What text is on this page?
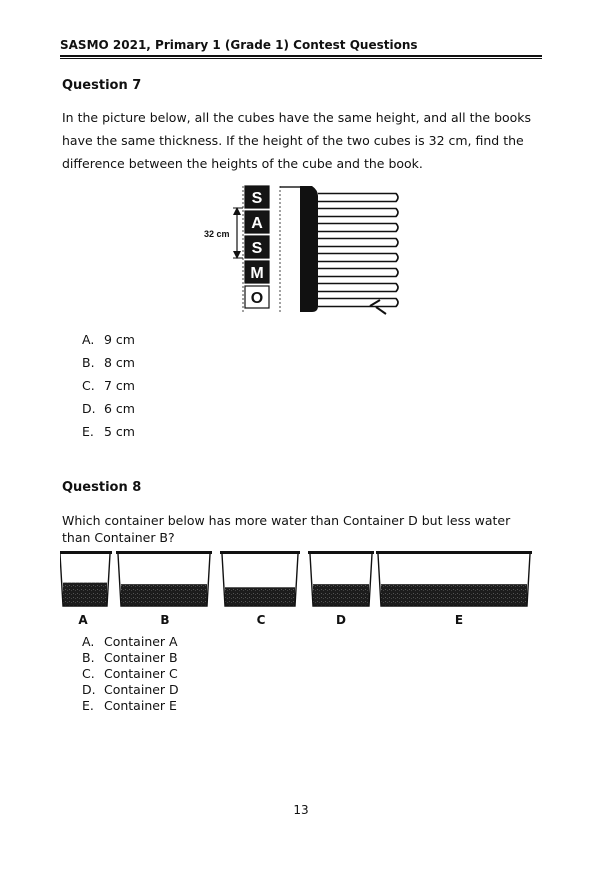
SASMO 2021, Primary 1 (Grade 1) Contest Questions
Question 7
In the picture below, all the cubes have the same height, and all the books have the same thickness. If the height of the two cubes is 32 cm, find the difference between the heights of the cube and the book.
32 cm
S
A
S
M
O
A. 9 cm
B. 8 cm
C. 7 cm
D. 6 cm
E. 5 cm
Question 8
Which container below has more water than Container D but less water than Container B?
A	B	C	D	E
A. Container A
B. Container B
C. Container C
D. Container D
E. Container E
13
